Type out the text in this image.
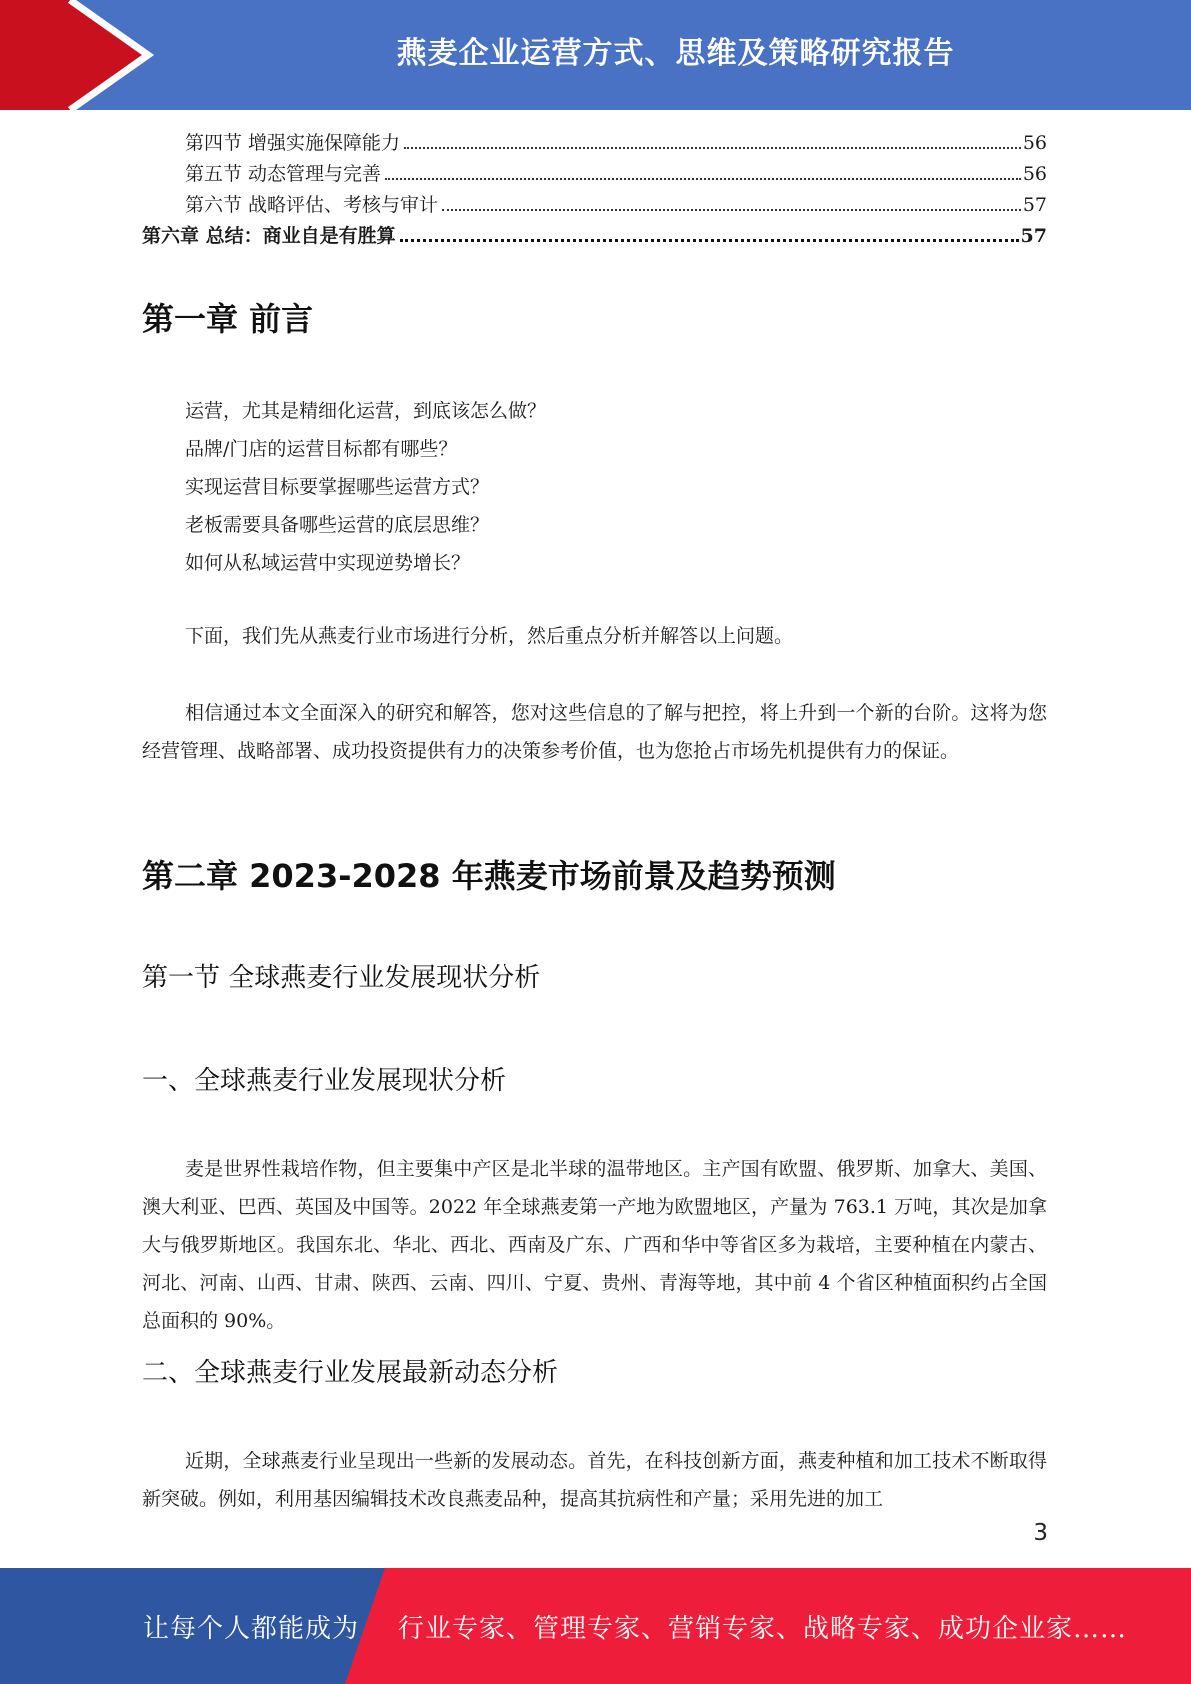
燕麦企业运营方式、思维及策略研究报告
第四节 增强实施保障能力	56
第五节 动态管理与完善	56
第六节 战略评估、考核与审计	57
第六章 总结：商业自是有胜算	57
第一章 前言
运营，尤其是精细化运营，到底该怎么做？
品牌/门店的运营目标都有哪些？
实现运营目标要掌握哪些运营方式？
老板需要具备哪些运营的底层思维？
如何从私域运营中实现逆势增长？
下面，我们先从燕麦行业市场进行分析，然后重点分析并解答以上问题。
相信通过本文全面深入的研究和解答，您对这些信息的了解与把控，将上升到一个新的台阶。这将为您经营管理、战略部署、成功投资提供有力的决策参考价值，也为您抢占市场先机提供有力的保证。
第二章 2023-2028 年燕麦市场前景及趋势预测
第一节 全球燕麦行业发展现状分析
一、全球燕麦行业发展现状分析
麦是世界性栽培作物，但主要集中产区是北半球的温带地区。主产国有欧盟、俄罗斯、加拿大、美国、澳大利亚、巴西、英国及中国等。2022 年全球燕麦第一产地为欧盟地区，产量为 763.1 万吨，其次是加拿大与俄罗斯地区。我国东北、华北、西北、西南及广东、广西和华中等省区多为栽培，主要种植在内蒙古、河北、河南、山西、甘肃、陕西、云南、四川、宁夏、贵州、青海等地，其中前 4 个省区种植面积约占全国总面积的 90%。
二、全球燕麦行业发展最新动态分析
近期，全球燕麦行业呈现出一些新的发展动态。首先，在科技创新方面，燕麦种植和加工技术不断取得新突破。例如，利用基因编辑技术改良燕麦品种，提高其抗病性和产量；采用先进的加工
3
让每个人都能成为 行业专家、管理专家、营销专家、战略专家、成功企业家……
